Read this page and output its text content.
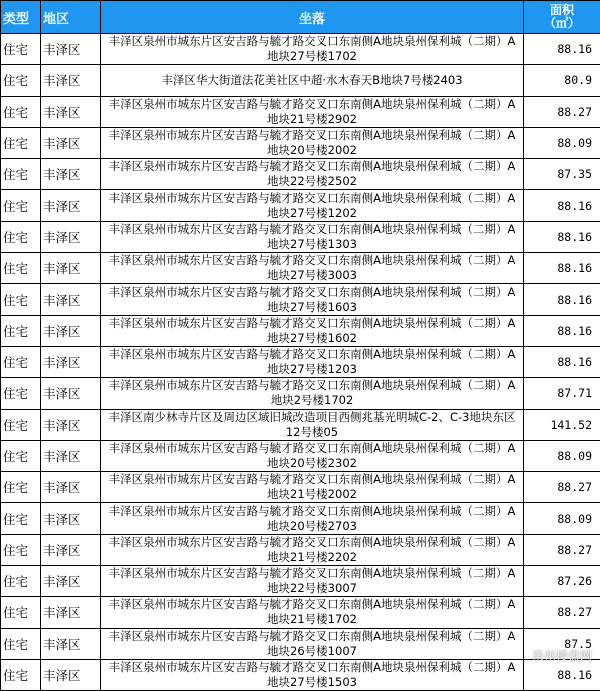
类型	地区	坐落	面积
（㎡）

住宅	丰泽区	丰泽区泉州市城东片区安吉路与毓才路交叉口东南侧A地块泉州保利城（二期）A地块27号楼1702	88.16
住宅	丰泽区	丰泽区华大街道法花美社区中超·水木春天B地块7号楼2403	80.9
住宅	丰泽区	丰泽区泉州市城东片区安吉路与毓才路交叉口东南侧A地块泉州保利城（二期）A地块21号楼2902	88.27
住宅	丰泽区	丰泽区泉州市城东片区安吉路与毓才路交叉口东南侧A地块泉州保利城（二期）A地块20号楼2002	88.09
住宅	丰泽区	丰泽区泉州市城东片区安吉路与毓才路交叉口东南侧A地块泉州保利城（二期）A地块22号楼2502	87.35
住宅	丰泽区	丰泽区泉州市城东片区安吉路与毓才路交叉口东南侧A地块泉州保利城（二期）A地块27号楼1202	88.16
住宅	丰泽区	丰泽区泉州市城东片区安吉路与毓才路交叉口东南侧A地块泉州保利城（二期）A地块27号楼1303	88.16
住宅	丰泽区	丰泽区泉州市城东片区安吉路与毓才路交叉口东南侧A地块泉州保利城（二期）A地块27号楼3003	88.16
住宅	丰泽区	丰泽区泉州市城东片区安吉路与毓才路交叉口东南侧A地块泉州保利城（二期）A地块27号楼1603	88.16
住宅	丰泽区	丰泽区泉州市城东片区安吉路与毓才路交叉口东南侧A地块泉州保利城（二期）A地块27号楼1602	88.16
住宅	丰泽区	丰泽区泉州市城东片区安吉路与毓才路交叉口东南侧A地块泉州保利城（二期）A地块27号楼1203	88.16
住宅	丰泽区	丰泽区泉州市城东片区安吉路与毓才路交叉口东南侧A地块泉州保利城（二期）A地块2号楼1702	87.71
住宅	丰泽区	丰泽区南少林寺片区及周边区域旧城改造项目西侧兆基光明城C-2、C-3地块东区12号楼05	141.52
住宅	丰泽区	丰泽区泉州市城东片区安吉路与毓才路交叉口东南侧A地块泉州保利城（二期）A地块20号楼2302	88.09
住宅	丰泽区	丰泽区泉州市城东片区安吉路与毓才路交叉口东南侧A地块泉州保利城（二期）A地块21号楼2002	88.27
住宅	丰泽区	丰泽区泉州市城东片区安吉路与毓才路交叉口东南侧A地块泉州保利城（二期）A地块20号楼2703	88.09
住宅	丰泽区	丰泽区泉州市城东片区安吉路与毓才路交叉口东南侧A地块泉州保利城（二期）A地块21号楼2202	88.27
住宅	丰泽区	丰泽区泉州市城东片区安吉路与毓才路交叉口东南侧A地块泉州保利城（二期）A地块22号楼3007	87.26
住宅	丰泽区	丰泽区泉州市城东片区安吉路与毓才路交叉口东南侧A地块泉州保利城（二期）A地块21号楼1702	88.27
住宅	丰泽区	丰泽区泉州市城东片区安吉路与毓才路交叉口东南侧A地块泉州保利城（二期）A地块26号楼1007	87.5
住宅	丰泽区	丰泽区泉州市城东片区安吉路与毓才路交叉口东南侧A地块泉州保利城（二期）A地块27号楼1503	88.16
泉州楼盘网
